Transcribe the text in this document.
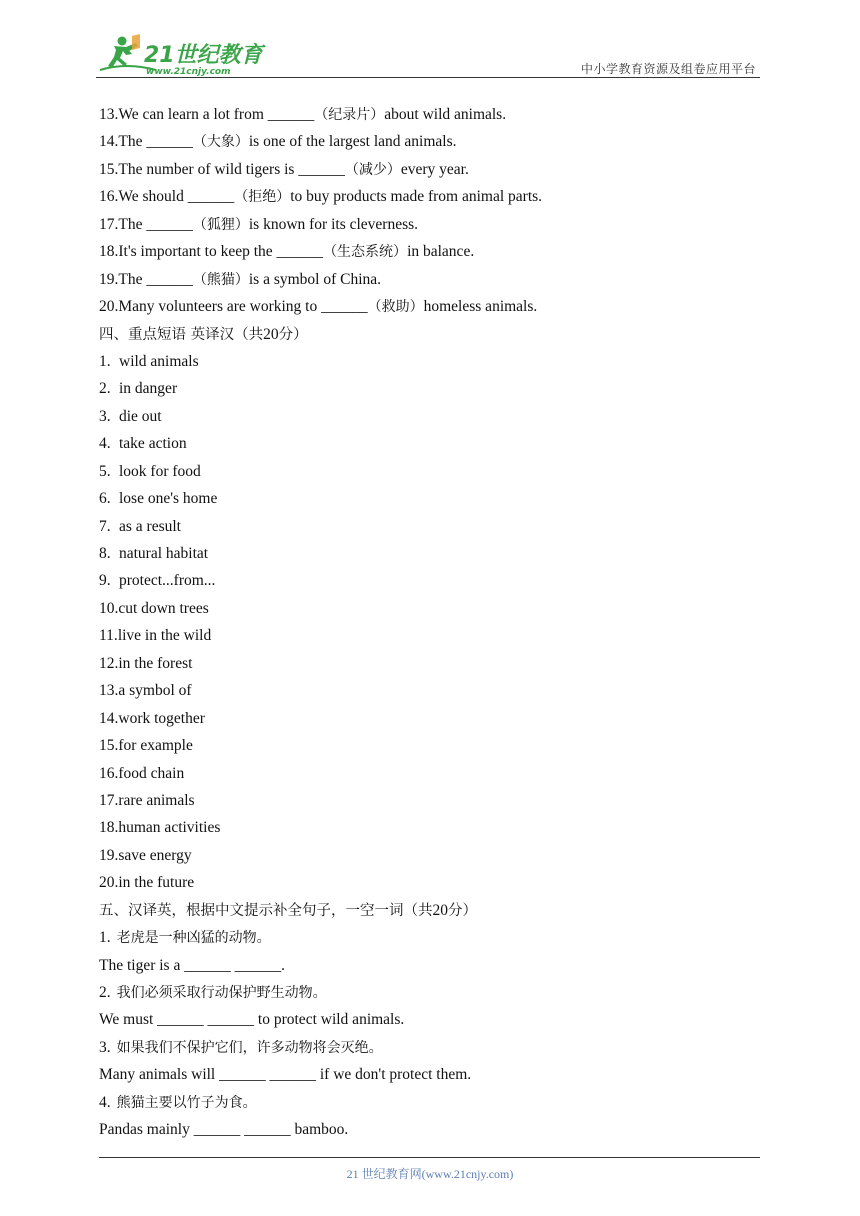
21世纪教育
www.21cnjy.com	中小学教育资源及组卷应用平台
13.We can learn a lot from ______（纪录片）about wild animals.
14.The ______（大象）is one of the largest land animals.
15.The number of wild tigers is ______（减少）every year.
16.We should ______（拒绝）to buy products made from animal parts.
17.The ______（狐狸）is known for its cleverness.
18.It's important to keep the ______（生态系统）in balance.
19.The ______（熊猫）is a symbol of China.
20.Many volunteers are working to ______（救助）homeless animals.
四、重点短语 英译汉（共20分）
1. wild animals
2. in danger
3. die out
4. take action
5. look for food
6. lose one's home
7. as a result
8. natural habitat
9. protect...from...
10.cut down trees
11.live in the wild
12.in the forest
13.a symbol of
14.work together
15.for example
16.food chain
17.rare animals
18.human activities
19.save energy
20.in the future
五、汉译英，根据中文提示补全句子，一空一词（共20分）
1. 老虎是一种凶猛的动物。
The tiger is a ______ ______.
2. 我们必须采取行动保护野生动物。
We must ______ ______ to protect wild animals.
3. 如果我们不保护它们，许多动物将会灭绝。
Many animals will ______ ______ if we don't protect them.
4. 熊猫主要以竹子为食。
Pandas mainly ______ ______ bamboo.
21 世纪教育网(www.21cnjy.com)
